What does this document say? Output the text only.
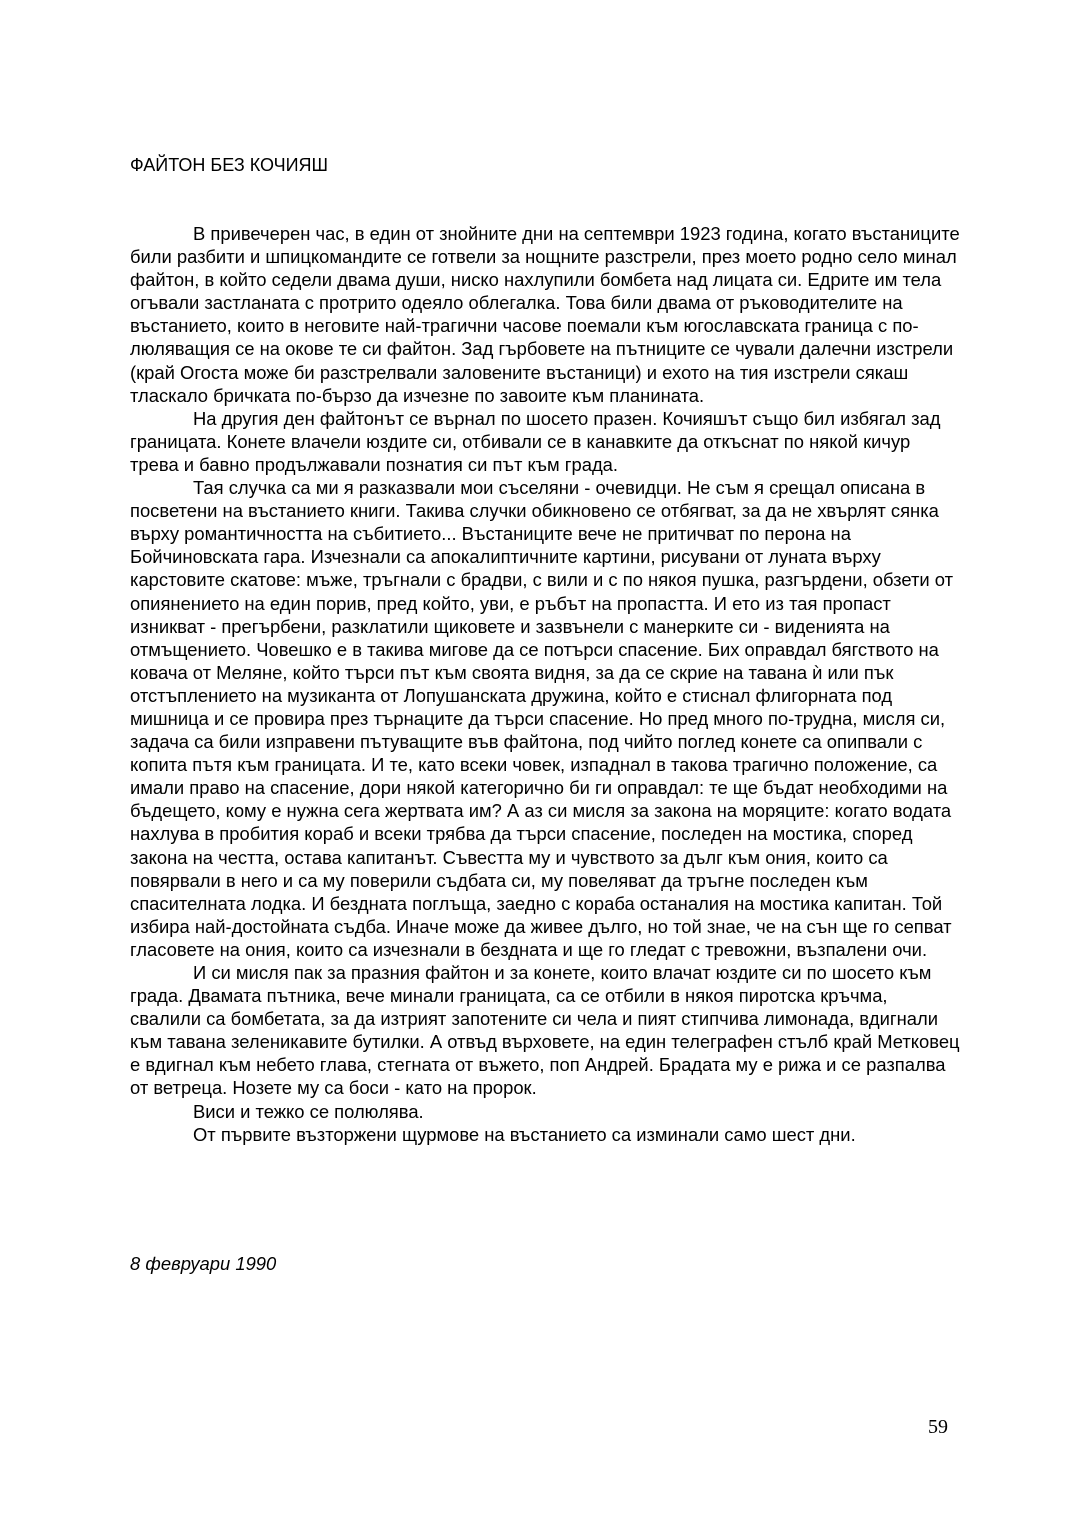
ФАЙТОН БЕЗ КОЧИЯШ

В привечерен час, в един от знойните дни на септември 1923 година, когато въстаниците били разбити и шпицкомандите се готвели за нощните разстрели, през моето родно село минал файтон, в който седели двама души, ниско нахлупили бомбета над лицата си. Едрите им тела огъвали застланата с протрито одеяло облегалка. Това били двама от ръководителите на въстанието, които в неговите най-трагични часове поемали към югославската граница с по-люляващия се на окове те си файтон. Зад гърбовете на пътниците се чували далечни изстрели (край Огоста може би разстрелвали заловените въстаници) и ехото на тия изстрели сякаш тласкало бричката по-бързо да изчезне по завоите към планината.

На другия ден файтонът се върнал по шосето празен. Кочияшът също бил избягал зад границата. Конете влачели юздите си, отбивали се в канавките да откъснат по някой кичур трева и бавно продължавали познатия си път към града.

Тая случка са ми я разказвали мои съселяни - очевидци. Не съм я срещал описана в посветени на въстанието книги. Такива случки обикновено се отбягват, за да не хвърлят сянка върху романтичността на събитието... Въстаниците вече не притичват по перона на Бойчиновската гара. Изчезнали са апокалиптичните картини, рисувани от луната върху карстовите скатове: мъже, тръгнали с брадви, с вили и с по някоя пушка, разгърдени, обзети от опиянението на един порив, пред който, уви, е ръбът на пропастта. И ето из тая пропаст изникват - прегърбени, разклатили щиковете и зазвънели с манерките си - виденията на отмъщението. Човешко е в такива мигове да се потърси спасение. Бих оправдал бягството на ковача от Меляне, който търси път към своята видня, за да се скрие на тавана ѝ или пък отстъплението на музиканта от Лопушанската дружина, който е стиснал флигорната под мишница и се провира през търнаците да търси спасение. Но пред много по-трудна, мисля си, задача са били изправени пътуващите във файтона, под чийто поглед конете са опипвали с копита пътя към границата. И те, като всеки човек, изпаднал в такова трагично положение, са имали право на спасение, дори някой категорично би ги оправдал: те ще бъдат необходими на бъдещето, кому е нужна сега жертвата им? А аз си мисля за закона на моряците: когато водата нахлува в пробития кораб и всеки трябва да търси спасение, последен на мостика, според закона на честта, остава капитанът. Съвестта му и чувството за дълг към ония, които са повярвали в него и са му поверили съдбата си, му повеляват да тръгне последен към спасителната лодка. И бездната поглъща, заедно с кораба останалия на мостика капитан. Той избира най-достойната съдба. Иначе може да живее дълго, но той знае, че на сън ще го сепват гласовете на ония, които са изчезнали в бездната и ще го гледат с тревожни, възпалени очи.

И си мисля пак за празния файтон и за конете, които влачат юздите си по шосето към града. Двамата пътника, вече минали границата, са се отбили в някоя пиротска кръчма, свалили са бомбетата, за да изтрият запотените си чела и пият стипчива лимонада, вдигнали към тавана зеленикавите бутилки. А отвъд върховете, на един телеграфен стълб край Метковец е вдигнал към небето глава, стегната от въжето, поп Андрей. Брадата му е рижа и се разпалва от ветреца. Нозете му са боси - като на пророк.

Виси и тежко се полюлява.

От първите възторжени щурмове на въстанието са изминали само шест дни.

8 февруари 1990
59
